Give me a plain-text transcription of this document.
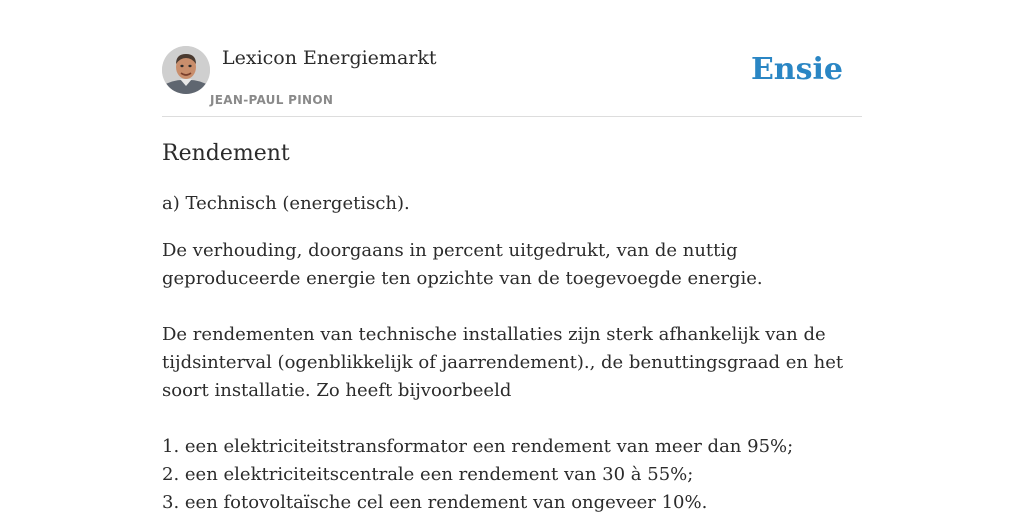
Lexicon Energiemarkt
JEAN-PAUL PINON
Ensie
Rendement
a) Technisch (energetisch).
De verhouding, doorgaans in percent uitgedrukt, van de nuttig geproduceerde energie ten opzichte van de toegevoegde energie.
De rendementen van technische installaties zijn sterk afhankelijk van de tijdsinterval (ogenblikkelijk of jaarrendement)., de benuttingsgraad en het soort installatie. Zo heeft bijvoorbeeld
1. een elektriciteitstransformator een rendement van meer dan 95%;
2. een elektriciteitscentrale een rendement van 30 à 55%;
3. een fotovoltaïsche cel een rendement van ongeveer 10%.
